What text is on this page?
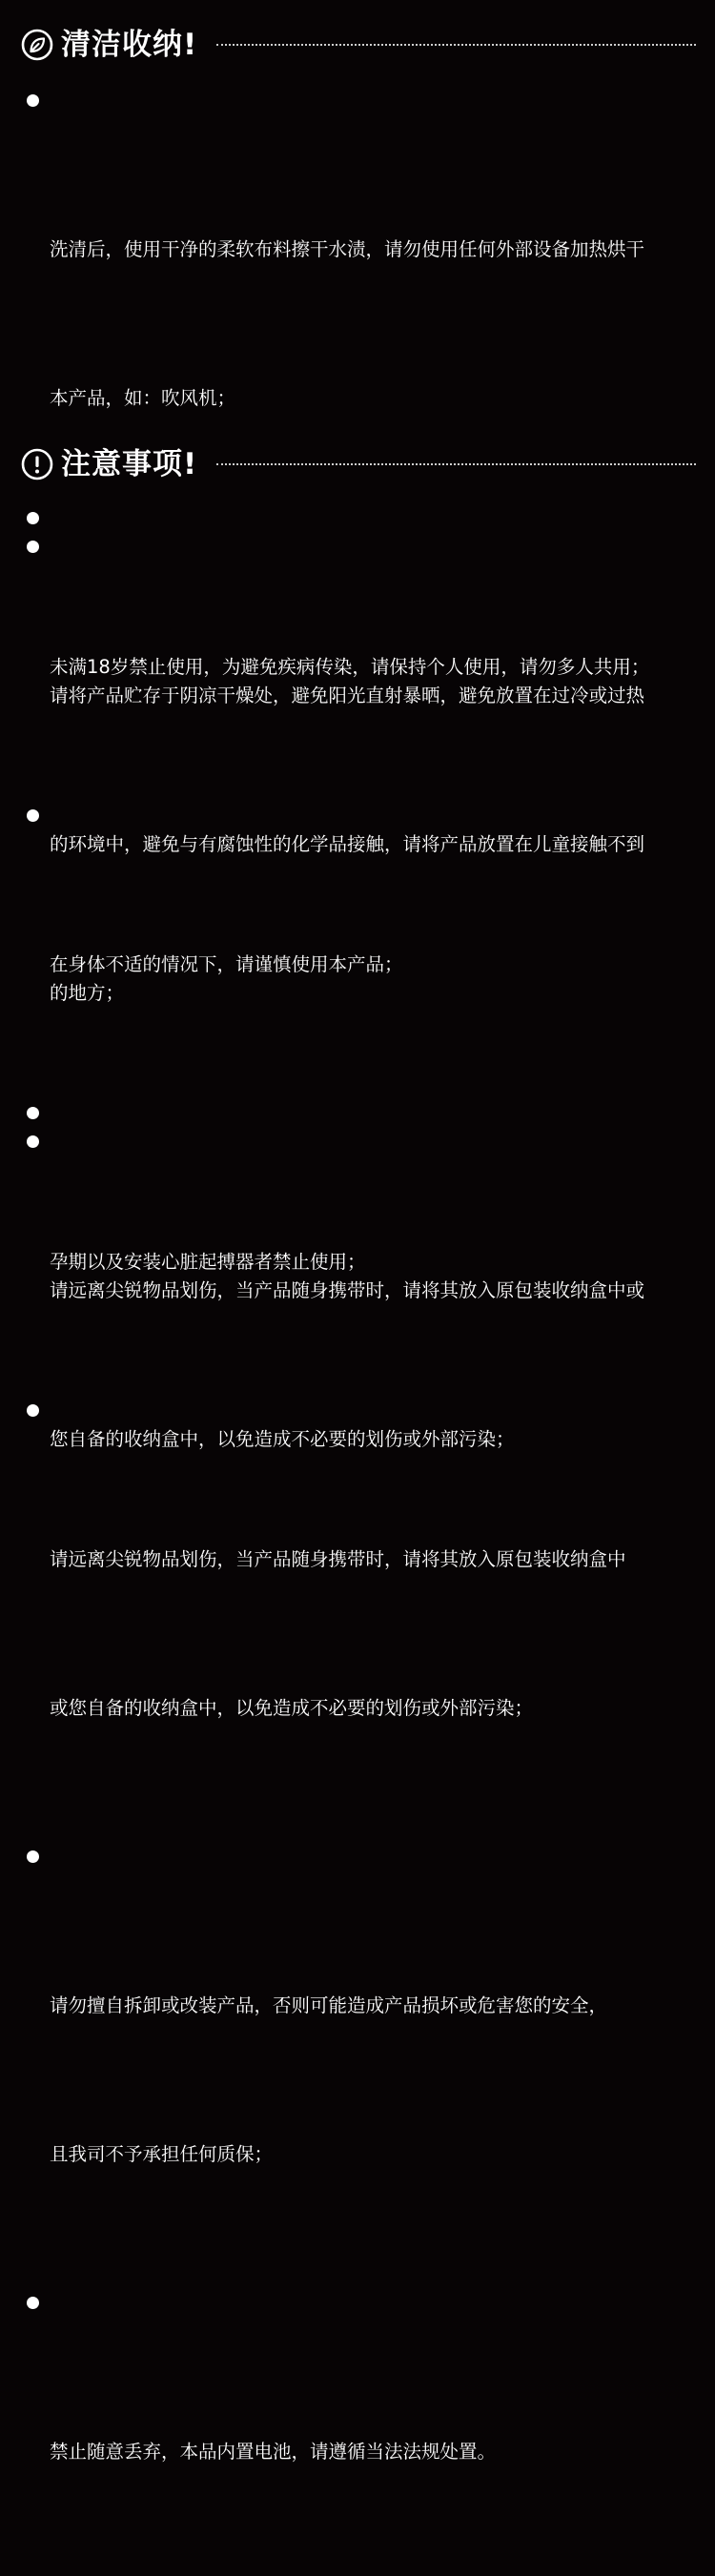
清洁收纳!

洗清后，使用干净的柔软布料擦干水渍，请勿使用任何外部设备加热烘干

本产品，如：吹风机；

请将产品贮存于阴凉干燥处，避免阳光直射暴晒，避免放置在过冷或过热

的环境中，避免与有腐蚀性的化学品接触，请将产品放置在儿童接触不到

的地方；

请远离尖锐物品划伤，当产品随身携带时，请将其放入原包装收纳盒中或

您自备的收纳盒中，以免造成不必要的划伤或外部污染；

注意事项!

未满18岁禁止使用，为避免疾病传染，请保持个人使用，请勿多人共用；

在身体不适的情况下，请谨慎使用本产品；

孕期以及安装心脏起搏器者禁止使用；

请远离尖锐物品划伤，当产品随身携带时，请将其放入原包装收纳盒中

或您自备的收纳盒中，以免造成不必要的划伤或外部污染；

请勿擅自拆卸或改装产品，否则可能造成产品损坏或危害您的安全，

且我司不予承担任何质保；

禁止随意丢弃，本品内置电池，请遵循当法法规处置。
